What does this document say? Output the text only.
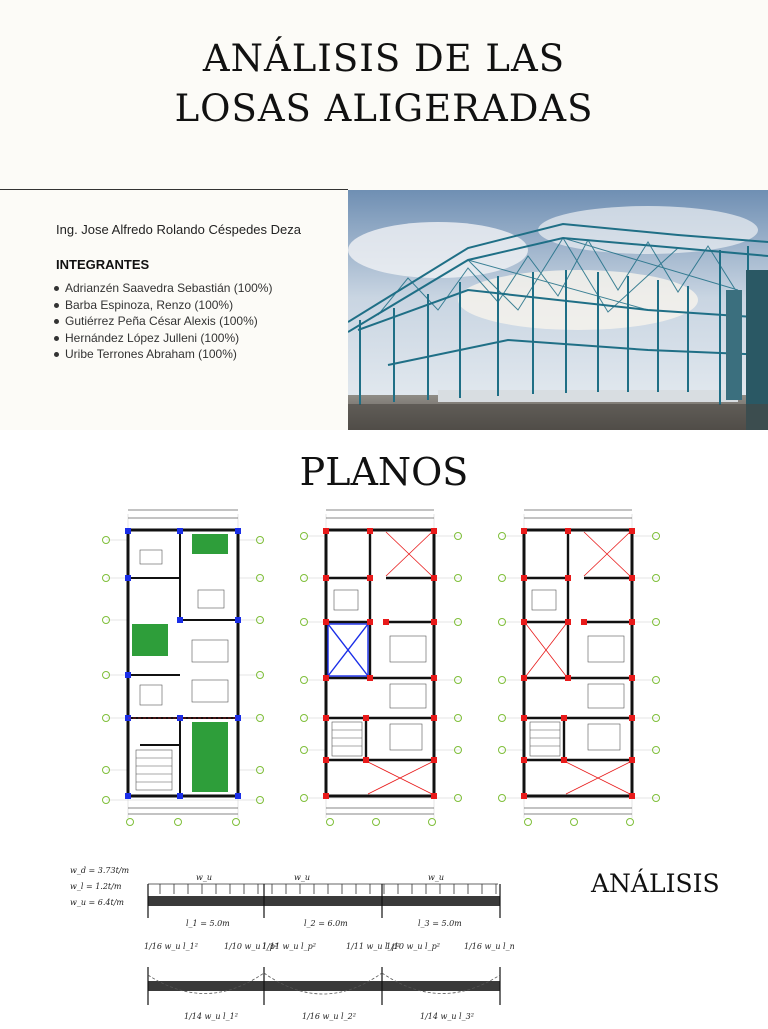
ANÁLISIS DE LAS
LOSAS ALIGERADAS
Ing. Jose Alfredo Rolando Céspedes Deza
INTEGRANTES
Adrianzén Saavedra Sebastián (100%)
Barba Espinoza, Renzo (100%)
Gutiérrez Peña César Alexis (100%)
Hernández López Julleni (100%)
Uribe Terrones Abraham (100%)
PLANOS
w_d = 3.73t/m
w_l = 1.2t/m
w_u = 6.4t/m
w_u	w_u	w_u
l_1 = 5.0m	l_2 = 6.0m	l_3 = 5.0m
1/16 w_u l_1²	1/10 w_u l_p²
1/11 w_u l_p²	1/11 w_u l_p²
1/10 w_u l_p²	1/16 w_u l_n²
1/14 w_u l_1²	1/16 w_u l_2²	1/14 w_u l_3²
ANÁLISIS
